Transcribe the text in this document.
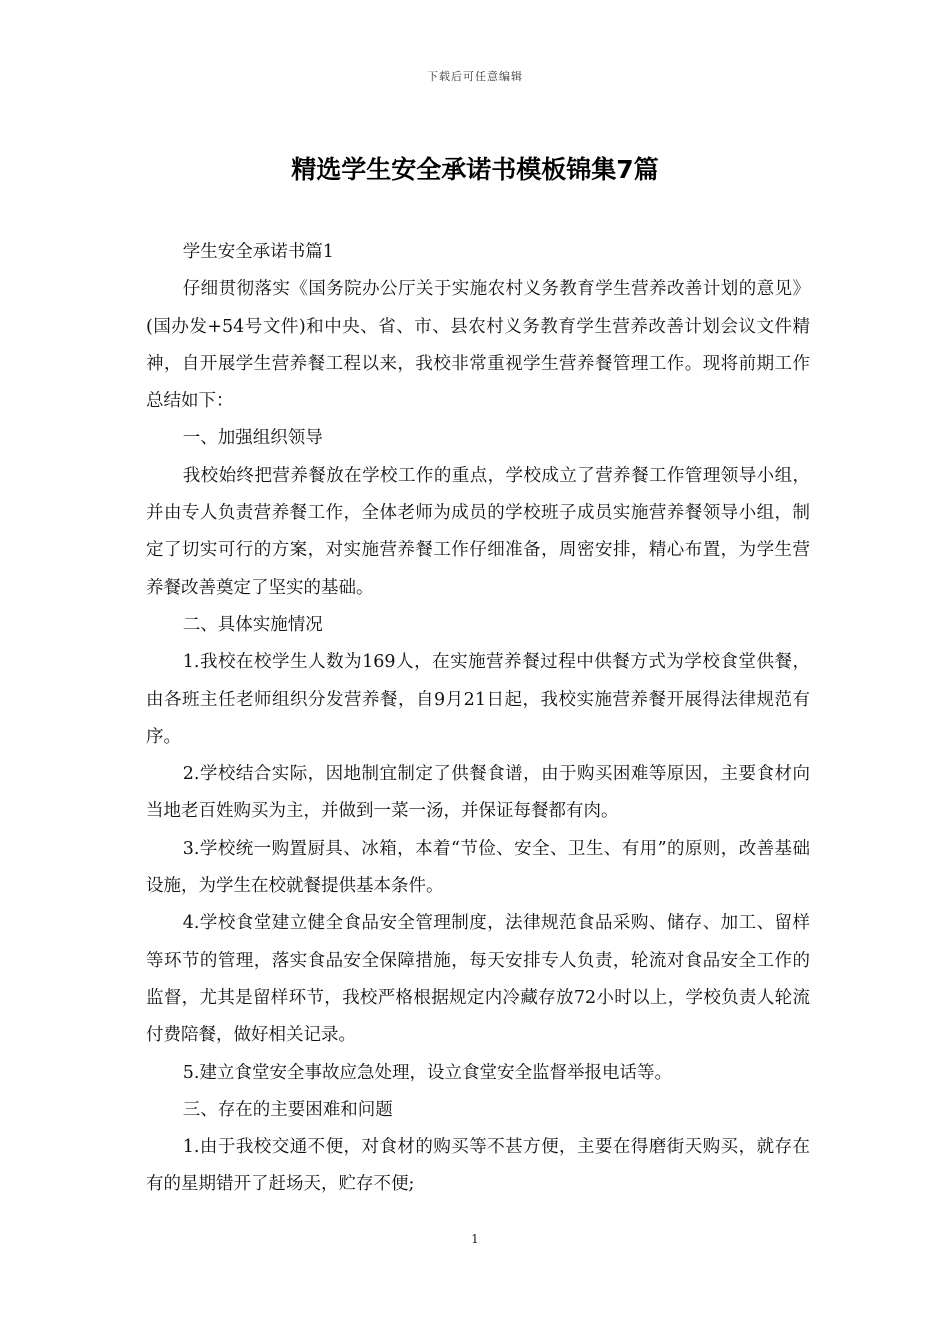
下载后可任意编辑
精选学生安全承诺书模板锦集7篇

学生安全承诺书篇1

仔细贯彻落实《国务院办公厅关于实施农村义务教育学生营养改善计划的意见》(国办发+54号文件)和中央、省、市、县农村义务教育学生营养改善计划会议文件精神，自开展学生营养餐工程以来，我校非常重视学生营养餐管理工作。现将前期工作总结如下：

一、加强组织领导

我校始终把营养餐放在学校工作的重点，学校成立了营养餐工作管理领导小组，并由专人负责营养餐工作，全体老师为成员的学校班子成员实施营养餐领导小组，制定了切实可行的方案，对实施营养餐工作仔细准备，周密安排，精心布置，为学生营养餐改善奠定了坚实的基础。

二、具体实施情况

1.我校在校学生人数为169人，在实施营养餐过程中供餐方式为学校食堂供餐，由各班主任老师组织分发营养餐，自9月21日起，我校实施营养餐开展得法律规范有序。

2.学校结合实际，因地制宜制定了供餐食谱，由于购买困难等原因，主要食材向当地老百姓购买为主，并做到一菜一汤，并保证每餐都有肉。

3.学校统一购置厨具、冰箱，本着“节俭、安全、卫生、有用”的原则，改善基础设施，为学生在校就餐提供基本条件。

4.学校食堂建立健全食品安全管理制度，法律规范食品采购、储存、加工、留样等环节的管理，落实食品安全保障措施，每天安排专人负责，轮流对食品安全工作的监督，尤其是留样环节，我校严格根据规定内冷藏存放72小时以上，学校负责人轮流付费陪餐，做好相关记录。

5.建立食堂安全事故应急处理，设立食堂安全监督举报电话等。

三、存在的主要困难和问题

1.由于我校交通不便，对食材的购买等不甚方便，主要在得磨街天购买，就存在有的星期错开了赶场天，贮存不便;

1
